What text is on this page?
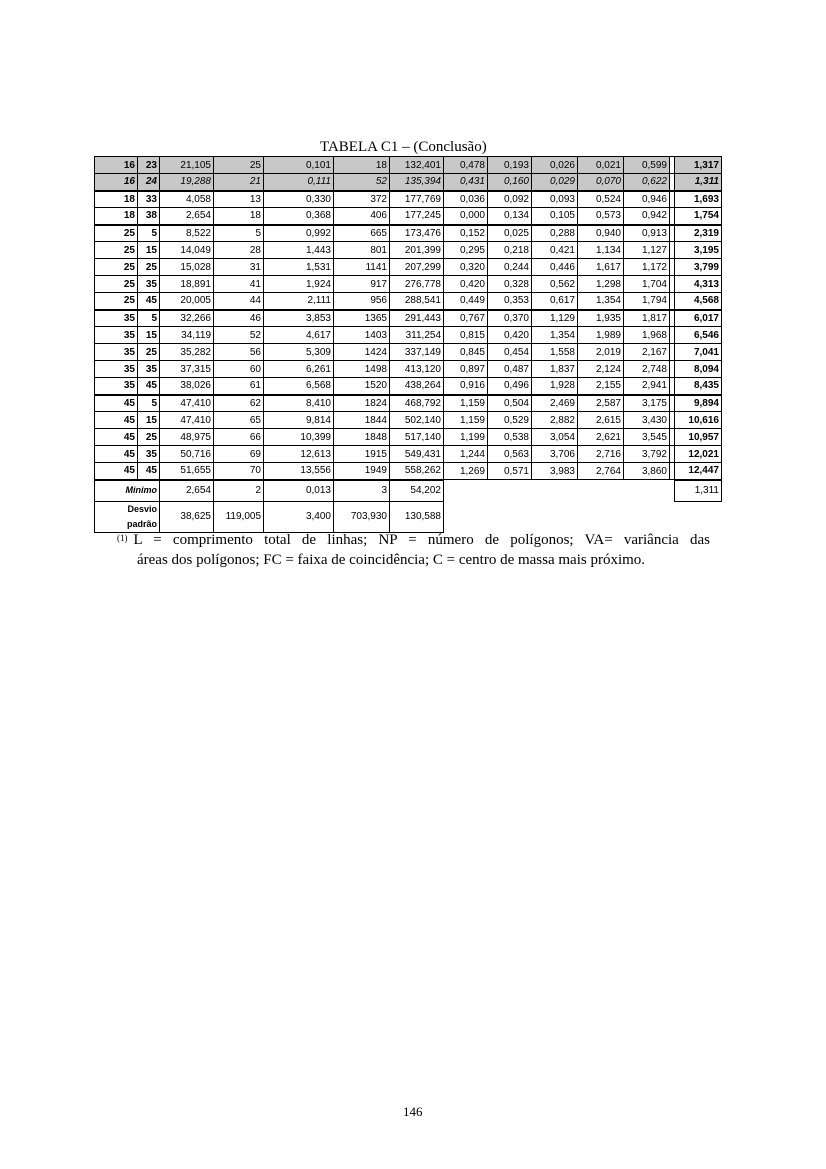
TABELA C1 – (Conclusão)
16	23	21,105	25	0,101	18	132,401	0,478	0,193	0,026	0,021	0,599		1,317
16	24	19,288	21	0,111	52	135,394	0,431	0,160	0,029	0,070	0,622		1,311
18	33	4,058	13	0,330	372	177,769	0,036	0,092	0,093	0,524	0,946		1,693
18	38	2,654	18	0,368	406	177,245	0,000	0,134	0,105	0,573	0,942		1,754
25	5	8,522	5	0,992	665	173,476	0,152	0,025	0,288	0,940	0,913		2,319
25	15	14,049	28	1,443	801	201,399	0,295	0,218	0,421	1,134	1,127		3,195
25	25	15,028	31	1,531	1141	207,299	0,320	0,244	0,446	1,617	1,172		3,799
25	35	18,891	41	1,924	917	276,778	0,420	0,328	0,562	1,298	1,704		4,313
25	45	20,005	44	2,111	956	288,541	0,449	0,353	0,617	1,354	1,794		4,568
35	5	32,266	46	3,853	1365	291,443	0,767	0,370	1,129	1,935	1,817		6,017
35	15	34,119	52	4,617	1403	311,254	0,815	0,420	1,354	1,989	1,968		6,546
35	25	35,282	56	5,309	1424	337,149	0,845	0,454	1,558	2,019	2,167		7,041
35	35	37,315	60	6,261	1498	413,120	0,897	0,487	1,837	2,124	2,748		8,094
35	45	38,026	61	6,568	1520	438,264	0,916	0,496	1,928	2,155	2,941		8,435
45	5	47,410	62	8,410	1824	468,792	1,159	0,504	2,469	2,587	3,175		9,894
45	15	47,410	65	9,814	1844	502,140	1,159	0,529	2,882	2,615	3,430		10,616
45	25	48,975	66	10,399	1848	517,140	1,199	0,538	3,054	2,621	3,545		10,957
45	35	50,716	69	12,613	1915	549,431	1,244	0,563	3,706	2,716	3,792		12,021
45	45	51,655	70	13,556	1949	558,262	1,269	0,571	3,983	2,764	3,860		12,447
Mínimo		2,654	2	0,013	3	54,202							1,311
Desvio padrão		38,625	119,005	3,400	703,930	130,588							
$^{(1)}$ L = comprimento total de linhas; NP = número de polígonos; VA= variância das
áreas dos polígonos; FC = faixa de coincidência; C = centro de massa mais próximo.
146
